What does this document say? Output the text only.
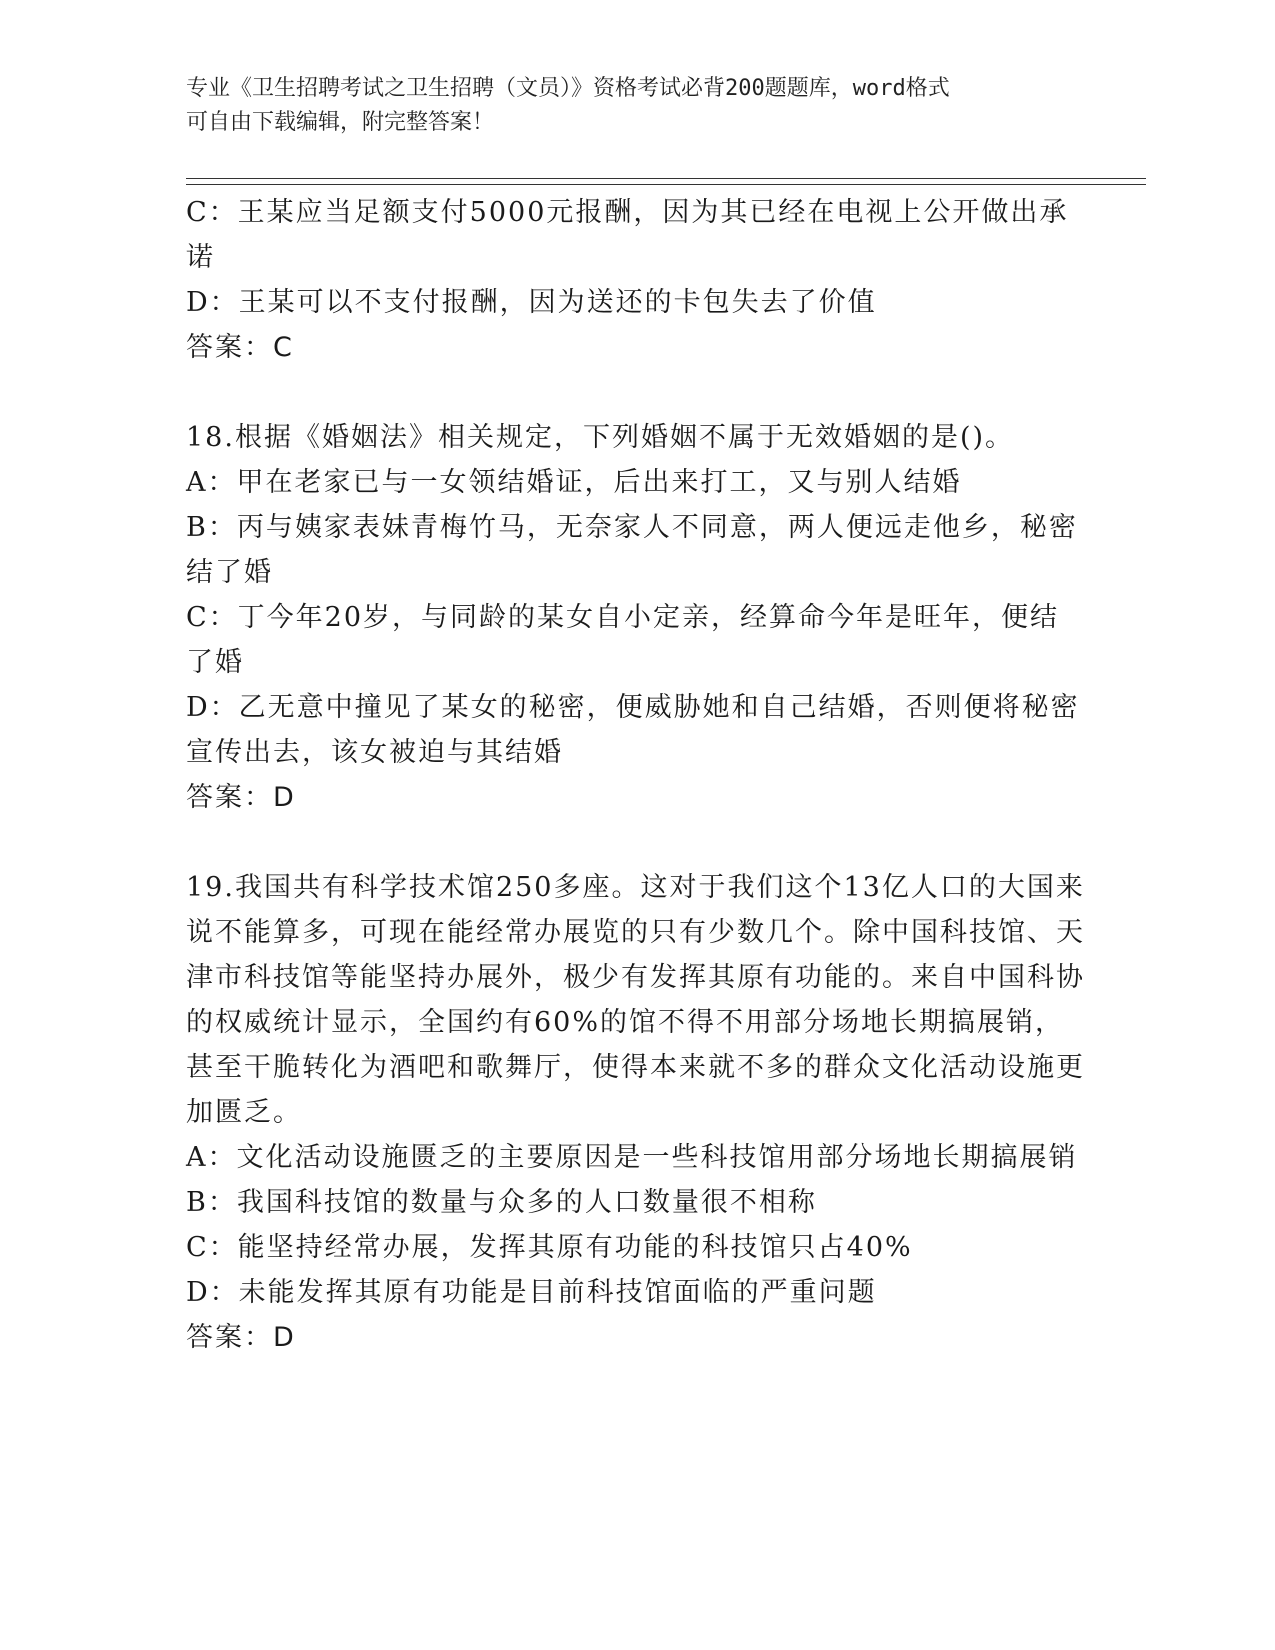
专业《卫生招聘考试之卫生招聘（文员）》资格考试必背200题题库，word格式
可自由下载编辑，附完整答案！

C：王某应当足额支付5000元报酬，因为其已经在电视上公开做出承诺

D：王某可以不支付报酬，因为送还的卡包失去了价值

答案：C

18.根据《婚姻法》相关规定，下列婚姻不属于无效婚姻的是()。

A：甲在老家已与一女领结婚证，后出来打工，又与别人结婚

B：丙与姨家表妹青梅竹马，无奈家人不同意，两人便远走他乡，秘密结了婚

C：丁今年20岁，与同龄的某女自小定亲，经算命今年是旺年，便结了婚

D：乙无意中撞见了某女的秘密，便威胁她和自己结婚，否则便将秘密宣传出去，该女被迫与其结婚

答案：D

19.我国共有科学技术馆250多座。这对于我们这个13亿人口的大国来说不能算多，可现在能经常办展览的只有少数几个。除中国科技馆、天津市科技馆等能坚持办展外，极少有发挥其原有功能的。来自中国科协的权威统计显示，全国约有60%的馆不得不用部分场地长期搞展销，甚至干脆转化为酒吧和歌舞厅，使得本来就不多的群众文化活动设施更加匮乏。

A：文化活动设施匮乏的主要原因是一些科技馆用部分场地长期搞展销

B：我国科技馆的数量与众多的人口数量很不相称

C：能坚持经常办展，发挥其原有功能的科技馆只占40%

D：未能发挥其原有功能是目前科技馆面临的严重问题

答案：D
